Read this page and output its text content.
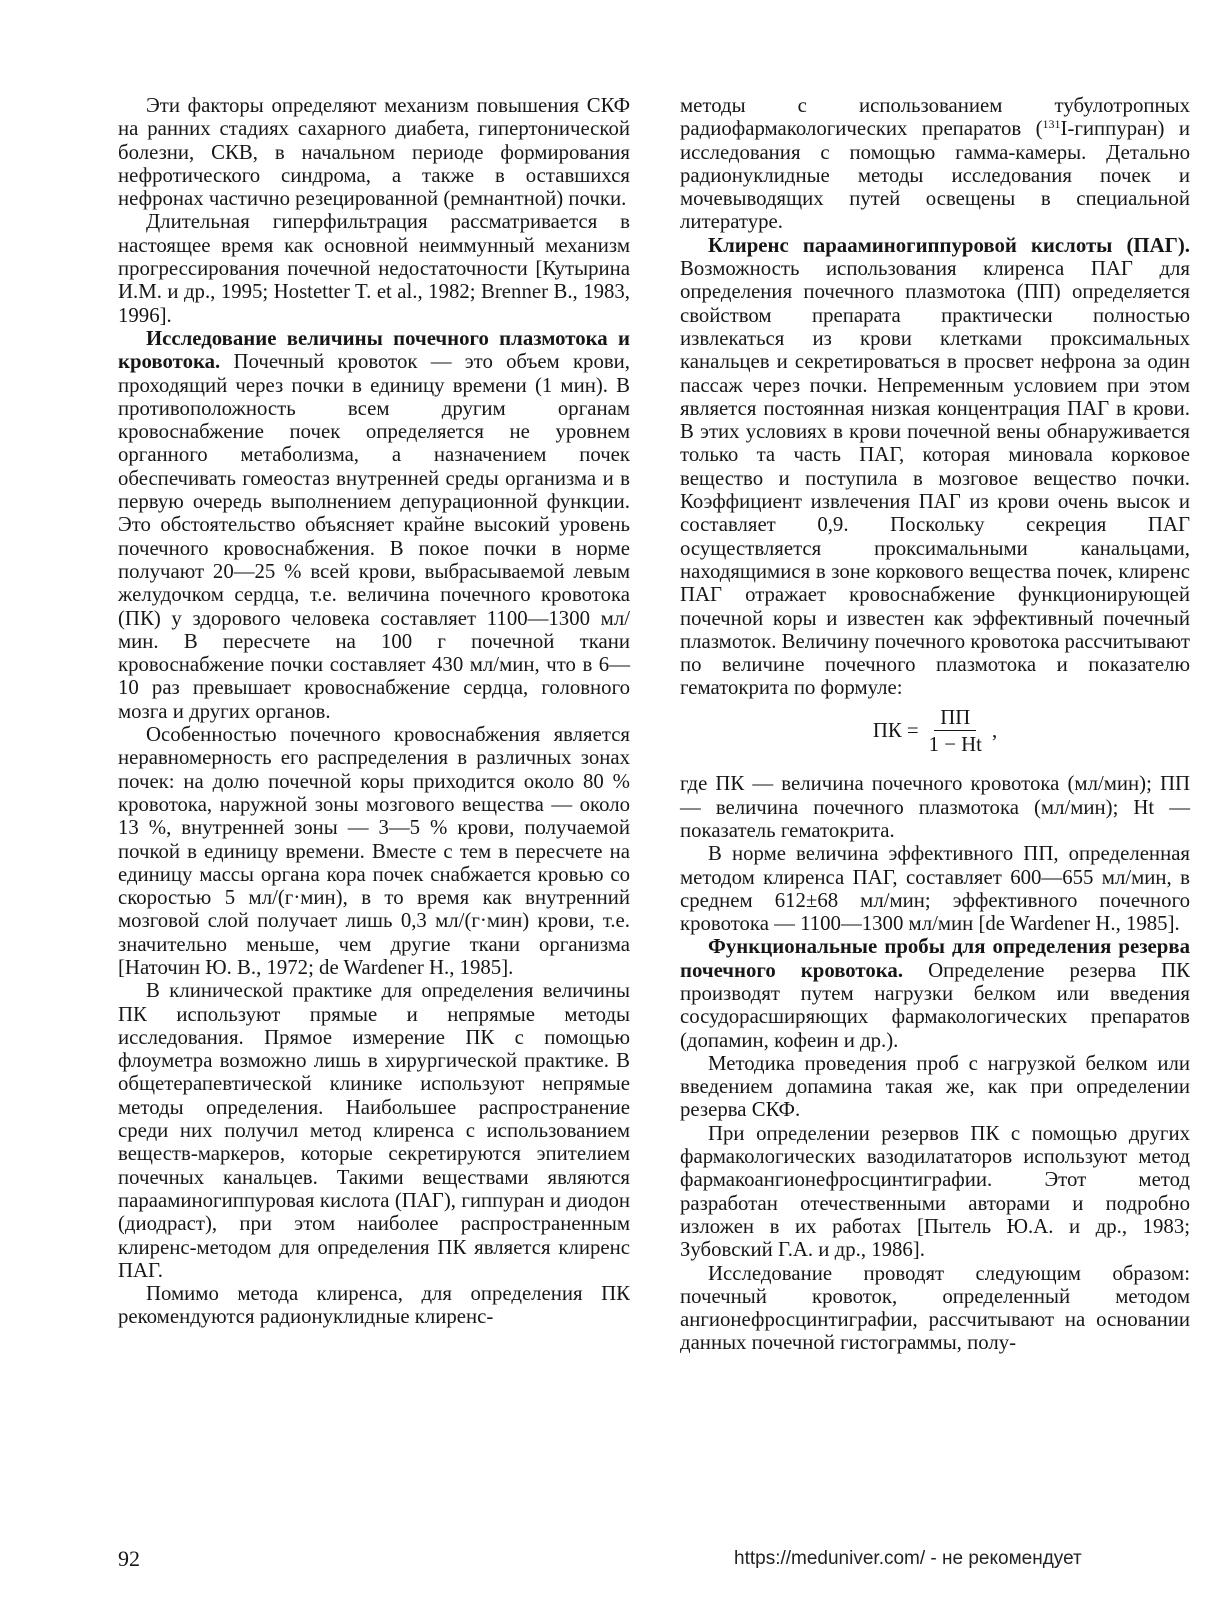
Эти факторы определяют механизм повышения СКФ на ранних стадиях сахарного диабета, гипертонической болезни, СКВ, в начальном периоде формирования нефротического синдрома, а также в оставшихся нефронах частично резецированной (ремнантной) почки.

Длительная гиперфильтрация рассматривается в настоящее время как основной неиммунный механизм прогрессирования почечной недостаточности [Кутырина И.М. и др., 1995; Hostetter T. et al., 1982; Brenner B., 1983, 1996].

Исследование величины почечного плазмотока и кровотока. Почечный кровоток — это объем крови, проходящий через почки в единицу времени (1 мин). В противоположность всем другим органам кровоснабжение почек определяется не уровнем органного метаболизма, а назначением почек обеспечивать гомеостаз внутренней среды организма и в первую очередь выполнением депурационной функции. Это обстоятельство объясняет крайне высокий уровень почечного кровоснабжения. В покое почки в норме получают 20—25 % всей крови, выбрасываемой левым желудочком сердца, т.е. величина почечного кровотока (ПК) у здорового человека составляет 1100—1300 мл/мин. В пересчете на 100 г почечной ткани кровоснабжение почки составляет 430 мл/мин, что в 6—10 раз превышает кровоснабжение сердца, головного мозга и других органов.

Особенностью почечного кровоснабжения является неравномерность его распределения в различных зонах почек: на долю почечной коры приходится около 80 % кровотока, наружной зоны мозгового вещества — около 13 %, внутренней зоны — 3—5 % крови, получаемой почкой в единицу времени. Вместе с тем в пересчете на единицу массы органа кора почек снабжается кровью со скоростью 5 мл/(г·мин), в то время как внутренний мозговой слой получает лишь 0,3 мл/(г·мин) крови, т.е. значительно меньше, чем другие ткани организма [Наточин Ю. В., 1972; de Wardener H., 1985].

В клинической практике для определения величины ПК используют прямые и непрямые методы исследования. Прямое измерение ПК с помощью флоуметра возможно лишь в хирургической практике. В общетерапевтической клинике используют непрямые методы определения. Наибольшее распространение среди них получил метод клиренса с использованием веществ-маркеров, которые секретируются эпителием почечных канальцев. Такими веществами являются парааминогиппуровая кислота (ПАГ), гиппуран и диодон (диодраст), при этом наиболее распространенным клиренс-методом для определения ПК является клиренс ПАГ.

Помимо метода клиренса, для определения ПК рекомендуются радионуклидные клиренс-

методы с использованием тубулотропных радиофармакологических препаратов ($^{131}$I-гиппуран) и исследования с помощью гамма-камеры. Детально радионуклидные методы исследования почек и мочевыводящих путей освещены в специальной литературе.

Клиренс парааминогиппуровой кислоты (ПАГ). Возможность использования клиренса ПАГ для определения почечного плазмотока (ПП) определяется свойством препарата практически полностью извлекаться из крови клетками проксимальных канальцев и секретироваться в просвет нефрона за один пассаж через почки. Непременным условием при этом является постоянная низкая концентрация ПАГ в крови. В этих условиях в крови почечной вены обнаруживается только та часть ПАГ, которая миновала корковое вещество и поступила в мозговое вещество почки. Коэффициент извлечения ПАГ из крови очень высок и составляет 0,9. Поскольку секреция ПАГ осуществляется проксимальными канальцами, находящимися в зоне коркового вещества почек, клиренс ПАГ отражает кровоснабжение функционирующей почечной коры и известен как эффективный почечный плазмоток. Величину почечного кровотока рассчитывают по величине почечного плазмотока и показателю гематокрита по формуле:

ПК = $\frac{ПП}{1 - Ht}$ ,

где ПК — величина почечного кровотока (мл/мин); ПП — величина почечного плазмотока (мл/мин); Ht — показатель гематокрита.

В норме величина эффективного ПП, определенная методом клиренса ПАГ, составляет 600—655 мл/мин, в среднем 612±68 мл/мин; эффективного почечного кровотока — 1100—1300 мл/мин [de Wardener H., 1985].

Функциональные пробы для определения резерва почечного кровотока. Определение резерва ПК производят путем нагрузки белком или введения сосудорасширяющих фармакологических препаратов (допамин, кофеин и др.).

Методика проведения проб с нагрузкой белком или введением допамина такая же, как при определении резерва СКФ.

При определении резервов ПК с помощью других фармакологических вазодилататоров используют метод фармакоангионефросцинтиграфии. Этот метод разработан отечественными авторами и подробно изложен в их работах [Пытель Ю.А. и др., 1983; Зубовский Г.А. и др., 1986].

Исследование проводят следующим образом: почечный кровоток, определенный методом ангионефросцинтиграфии, рассчитывают на основании данных почечной гистограммы, полу-

92	https://meduniver.com/ - не рекомендует
